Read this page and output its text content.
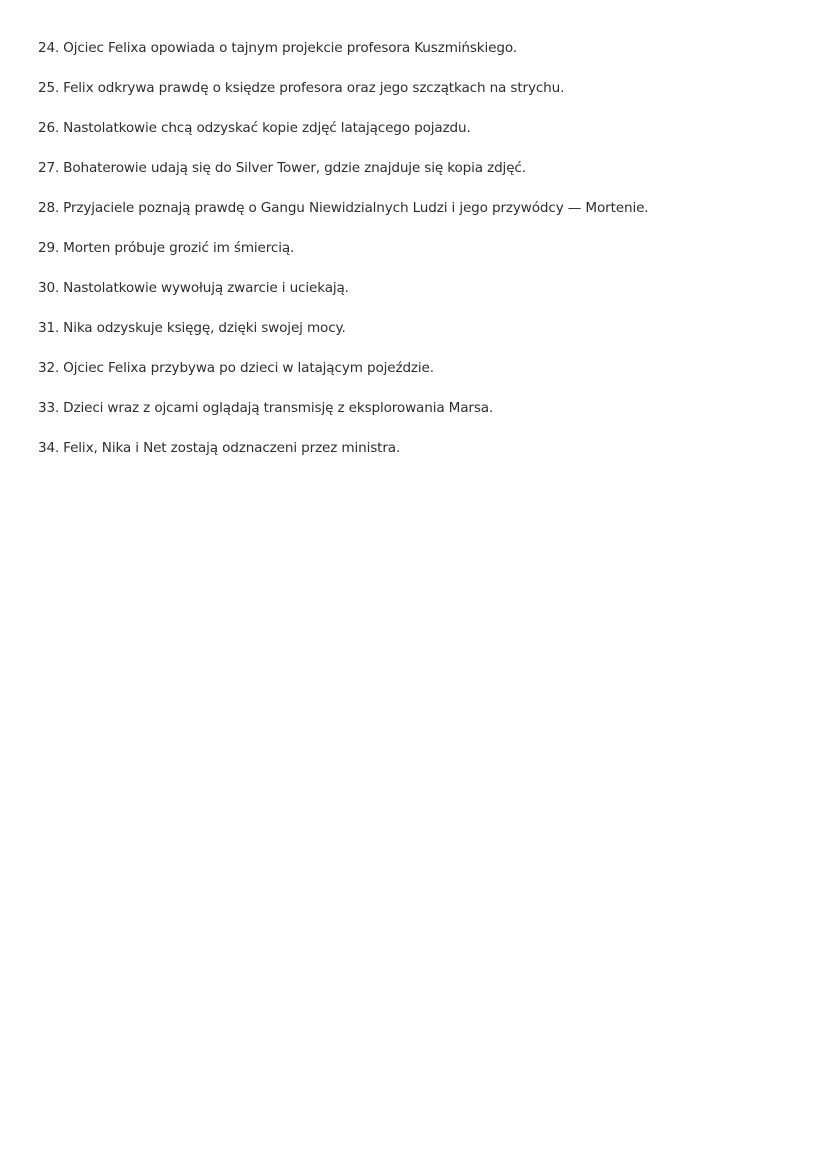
24. Ojciec Felixa opowiada o tajnym projekcie profesora Kuszmińskiego.
25. Felix odkrywa prawdę o księdze profesora oraz jego szczątkach na strychu.
26. Nastolatkowie chcą odzyskać kopie zdjęć latającego pojazdu.
27. Bohaterowie udają się do Silver Tower, gdzie znajduje się kopia zdjęć.
28. Przyjaciele poznają prawdę o Gangu Niewidzialnych Ludzi i jego przywódcy — Mortenie.
29. Morten próbuje grozić im śmiercią.
30. Nastolatkowie wywołują zwarcie i uciekają.
31. Nika odzyskuje księgę, dzięki swojej mocy.
32. Ojciec Felixa przybywa po dzieci w latającym pojeździe.
33. Dzieci wraz z ojcami oglądają transmisję z eksplorowania Marsa.
34. Felix, Nika i Net zostają odznaczeni przez ministra.
